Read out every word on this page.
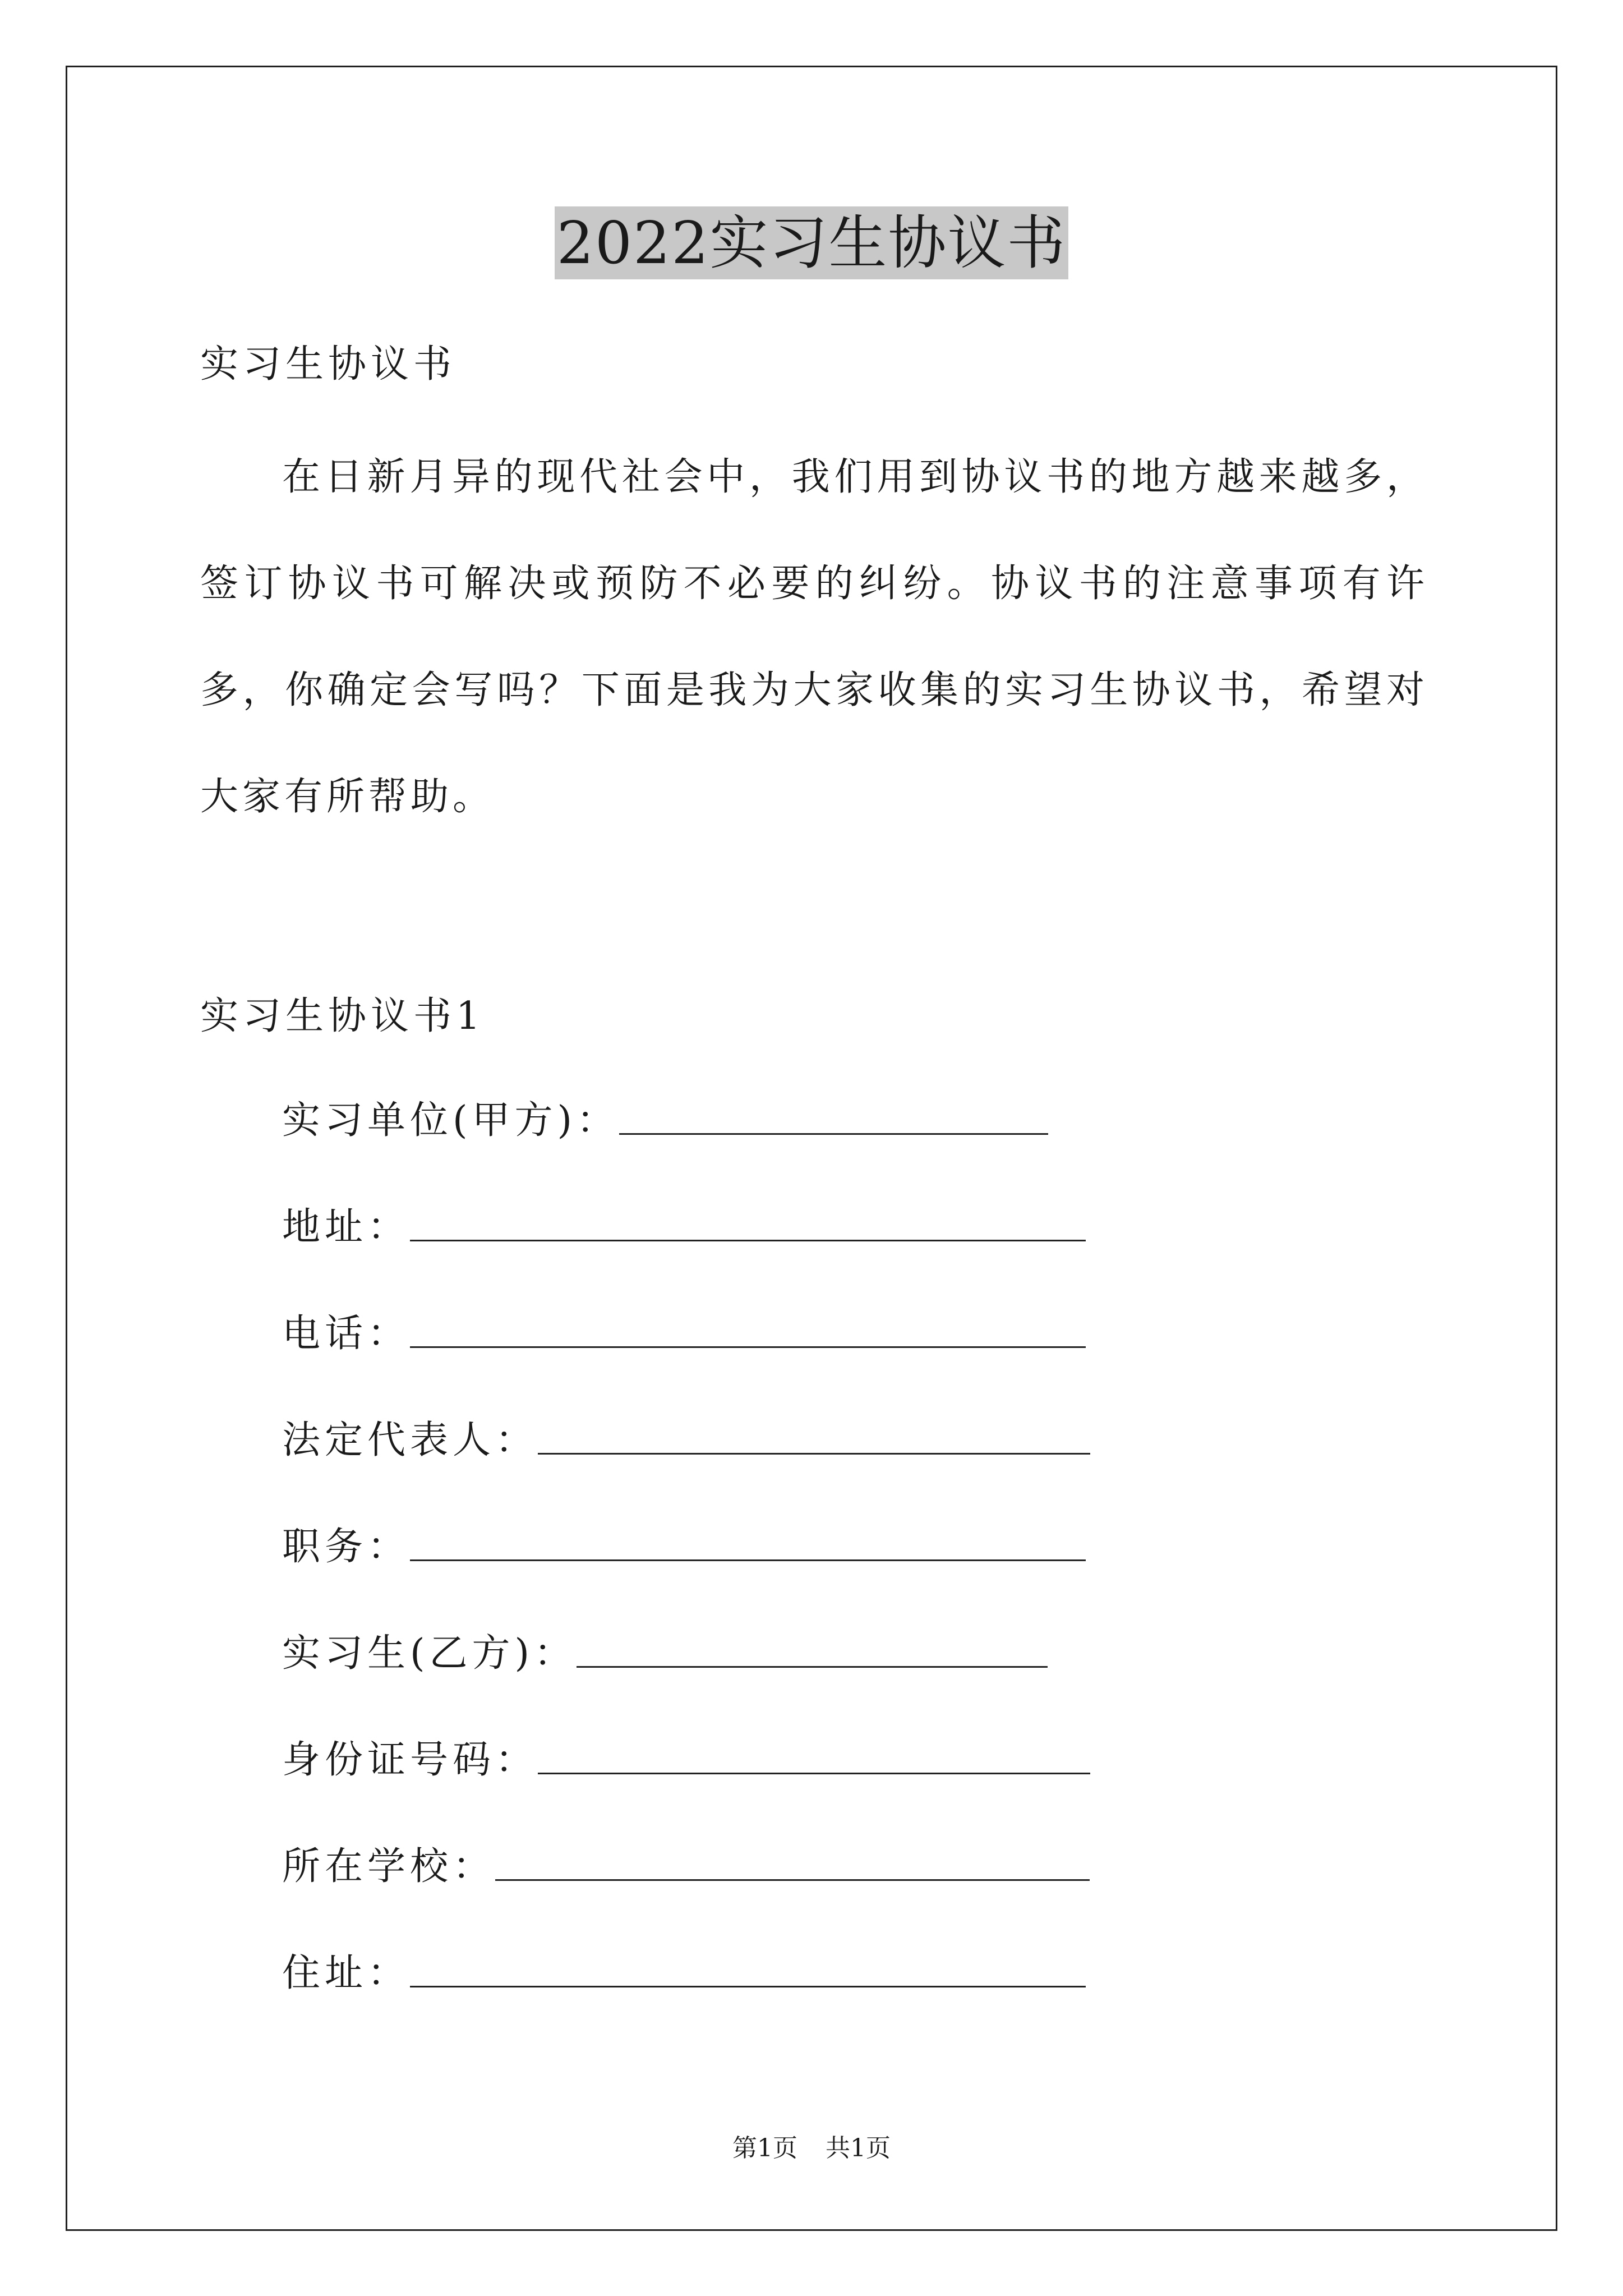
2022实习生协议书

实习生协议书

在日新月异的现代社会中，我们用到协议书的地方越来越多，签订协议书可解决或预防不必要的纠纷。协议书的注意事项有许多，你确定会写吗？下面是我为大家收集的实习生协议书，希望对大家有所帮助。

实习生协议书1

实习单位(甲方)：
地址：
电话：
法定代表人：
职务：
实习生(乙方)：
身份证号码：
所在学校：
住址：
第1页 共1页
